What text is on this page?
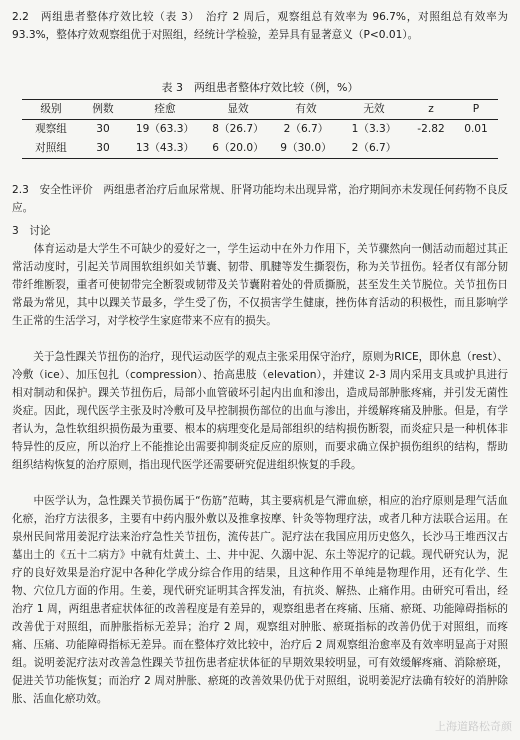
2.2　两组患者整体疗效比较（表 3）　治疗 2 周后，观察组总有效率为 96.7%，对照组总有效率为 93.3%，整体疗效观察组优于对照组，经统计学检验，差异具有显著意义（P<0.01）。

表 3　两组患者整体疗效比较（例，%）
级别	例数	痊愈	显效	有效	无效	z	P
观察组	30	19（63.3）	8（26.7）	2（6.7）	1（3.3）	-2.82	0.01
对照组	30	13（43.3）	6（20.0）	9（30.0）	2（6.7）		

2.3　安全性评价　两组患者治疗后血尿常规、肝肾功能均未出现异常，治疗期间亦未发现任何药物不良反应。

3　讨论

　　体育运动是大学生不可缺少的爱好之一，学生运动中在外力作用下，关节骤然向一侧活动而超过其正常活动度时，引起关节周围软组织如关节囊、韧带、肌腱等发生撕裂伤，称为关节扭伤。轻者仅有部分韧带纤维断裂，重者可使韧带完全断裂或韧带及关节囊附着处的骨质撕脱，甚至发生关节脱位。关节扭伤日常最为常见，其中以踝关节最多，学生受了伤，不仅损害学生健康，挫伤体育活动的积极性，而且影响学生正常的生活学习，对学校学生家庭带来不应有的损失。

　　关于急性踝关节扭伤的治疗，现代运动医学的观点主张采用保守治疗，原则为RICE，即休息（rest）、冷敷（ice）、加压包扎（compression）、抬高患肢（elevation），并建议 2-3 周内采用支具或护具进行相对制动和保护。踝关节扭伤后，局部小血管破坏引起内出血和渗出，造成局部肿胀疼痛，并引发无菌性炎症。因此，现代医学主张及时冷敷可及早控制损伤部位的出血与渗出，并缓解疼痛及肿胀。但是，有学者认为，急性软组织损伤最为重要、根本的病理变化是局部组织的结构损伤断裂，而炎症只是一种机体非特异性的反应，所以治疗上不能推论出需要抑制炎症反应的原则，而要求确立保护损伤组织的结构，帮助组织结构恢复的治疗原则，指出现代医学还需要研究促进组织恢复的手段。

　　中医学认为，急性踝关节损伤属于“伤筋”范畴，其主要病机是气滞血瘀，相应的治疗原则是理气活血化瘀，治疗方法很多，主要有中药内服外敷以及推拿按摩、针灸等物理疗法，或者几种方法联合运用。在泉州民间常用姜泥疗法来治疗急性关节扭伤，流传甚广。泥疗法在我国应用历史悠久，长沙马王堆西汉古墓出土的《五十二病方》中就有灶黄土、土、井中泥、久溺中泥、东土等泥疗的记载。现代研究认为，泥疗的良好效果是治疗泥中各种化学成分综合作用的结果，且这种作用不单纯是物理作用，还有化学、生物、穴位几方面的作用。生姜，现代研究证明其含挥发油，有抗炎、解热、止痛作用。由研究可看出，经治疗 1 周，两组患者症状体征的改善程度是有差异的，观察组患者在疼痛、压痛、瘀斑、功能障碍指标的改善优于对照组，而肿胀指标无差异；治疗 2 周，观察组对肿胀、瘀斑指标的改善仍优于对照组，而疼痛、压痛、功能障碍指标无差异。而在整体疗效比较中，治疗后 2 周观察组治愈率及有效率明显高于对照组。说明姜泥疗法对改善急性踝关节扭伤患者症状体征的早期效果较明显，可有效缓解疼痛、消除瘀斑，促进关节功能恢复；而治疗 2 周对肿胀、瘀斑的改善效果仍优于对照组，说明姜泥疗法确有较好的消肿除胀、活血化瘀功效。

上海道路松奇颜
